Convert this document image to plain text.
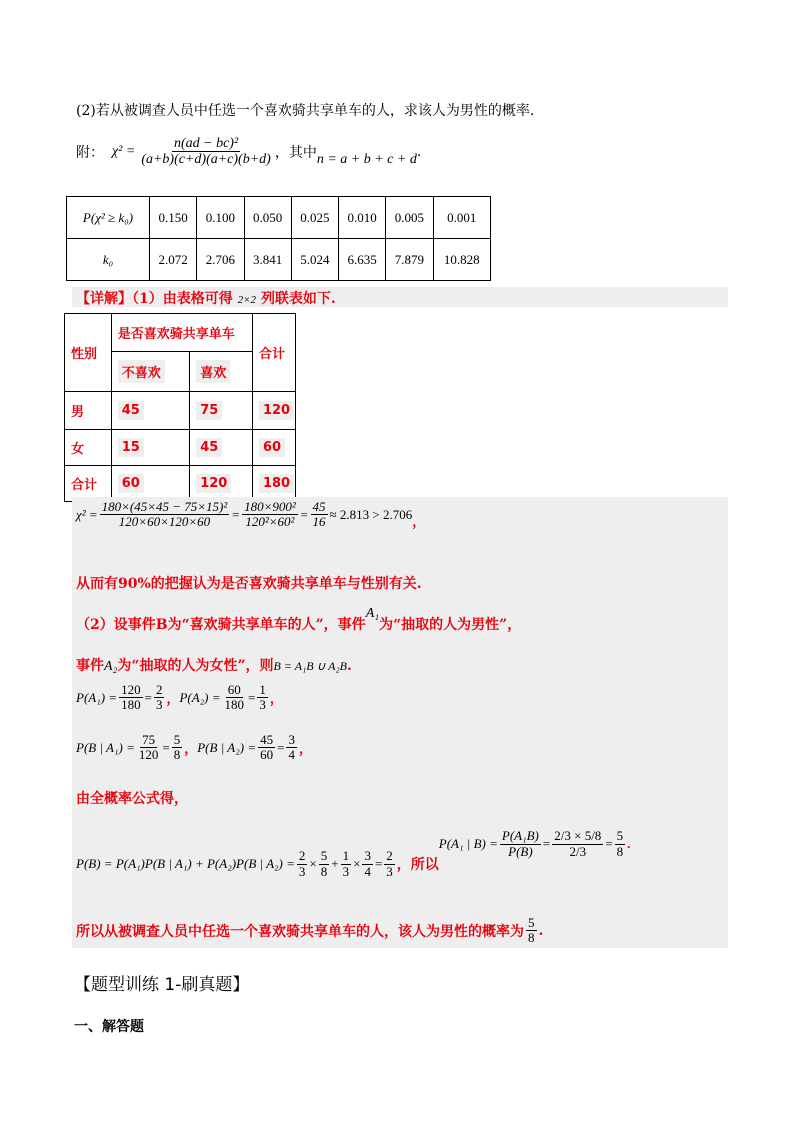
(2)若从被调查人员中任选一个喜欢骑共享单车的人，求该人为男性的概率.
附： $\chi^2 = \frac{\text{n(ad − bc)²}}{(a+b)(c+d)(a+c)(b+d)}$ ，其中 n = a + b + c + d .
P(χ² ≥ k₀)	0.150	0.100	0.050	0.025	0.010	0.005	0.001
k₀	2.072	2.706	3.841	5.024	6.635	7.879	10.828
【详解】（1）由表格可得 2×2 列联表如下.
性别	是否喜欢骑共享单车		合计
	不喜欢	喜欢	
男	45	75	120
女	15	45	60
合计	60	120	180
$\chi^2 = \frac{\text{180×(45×45 − 75×15)²}}{120\times 60\times 120\times 60} = \frac{\text{180×900²}}{\text{120²×60²}} = \frac{45}{16} \approx 2.813 > 2.706$ ，
从而有90%的把握认为是否喜欢骑共享单车与性别有关.
（2）设事件B为“喜欢骑共享单车的人”，事件A₁为“抽取的人为男性”，
事件A₂为“抽取的人为女性”，则B = A₁B ∪ A₂B.
$P(A_1) = \frac{120}{180} = \frac{2}{3}$ ， $P(A_2) = \frac{60}{180} = \frac{1}{3}$ ，
P(B | $A_1) = \frac{75}{120} = \frac{5}{8}$ ， P(B | $A_2) = \frac{45}{60} = \frac{3}{4}$ ，
由全概率公式得，
P(B) = P(A₁)P(B | A₁) + P(A₂)P(B | $A_2) = \frac{2}{3} \times \frac{5}{8} + \frac{1}{3} \times \frac{3}{4} = \frac{2}{3}$ ，所以
P(A₁ | $B) = \frac{\text{P(A₁B)}}{P(B)} = \frac{2/3 \times 5/8}{2/3} = \frac{5}{8}$ .
所以从被调查人员中任选一个喜欢骑共享单车的人，该人为男性的概率为 $\frac{5}{8}$ .
【题型训练 1-刷真题】
一、解答题
